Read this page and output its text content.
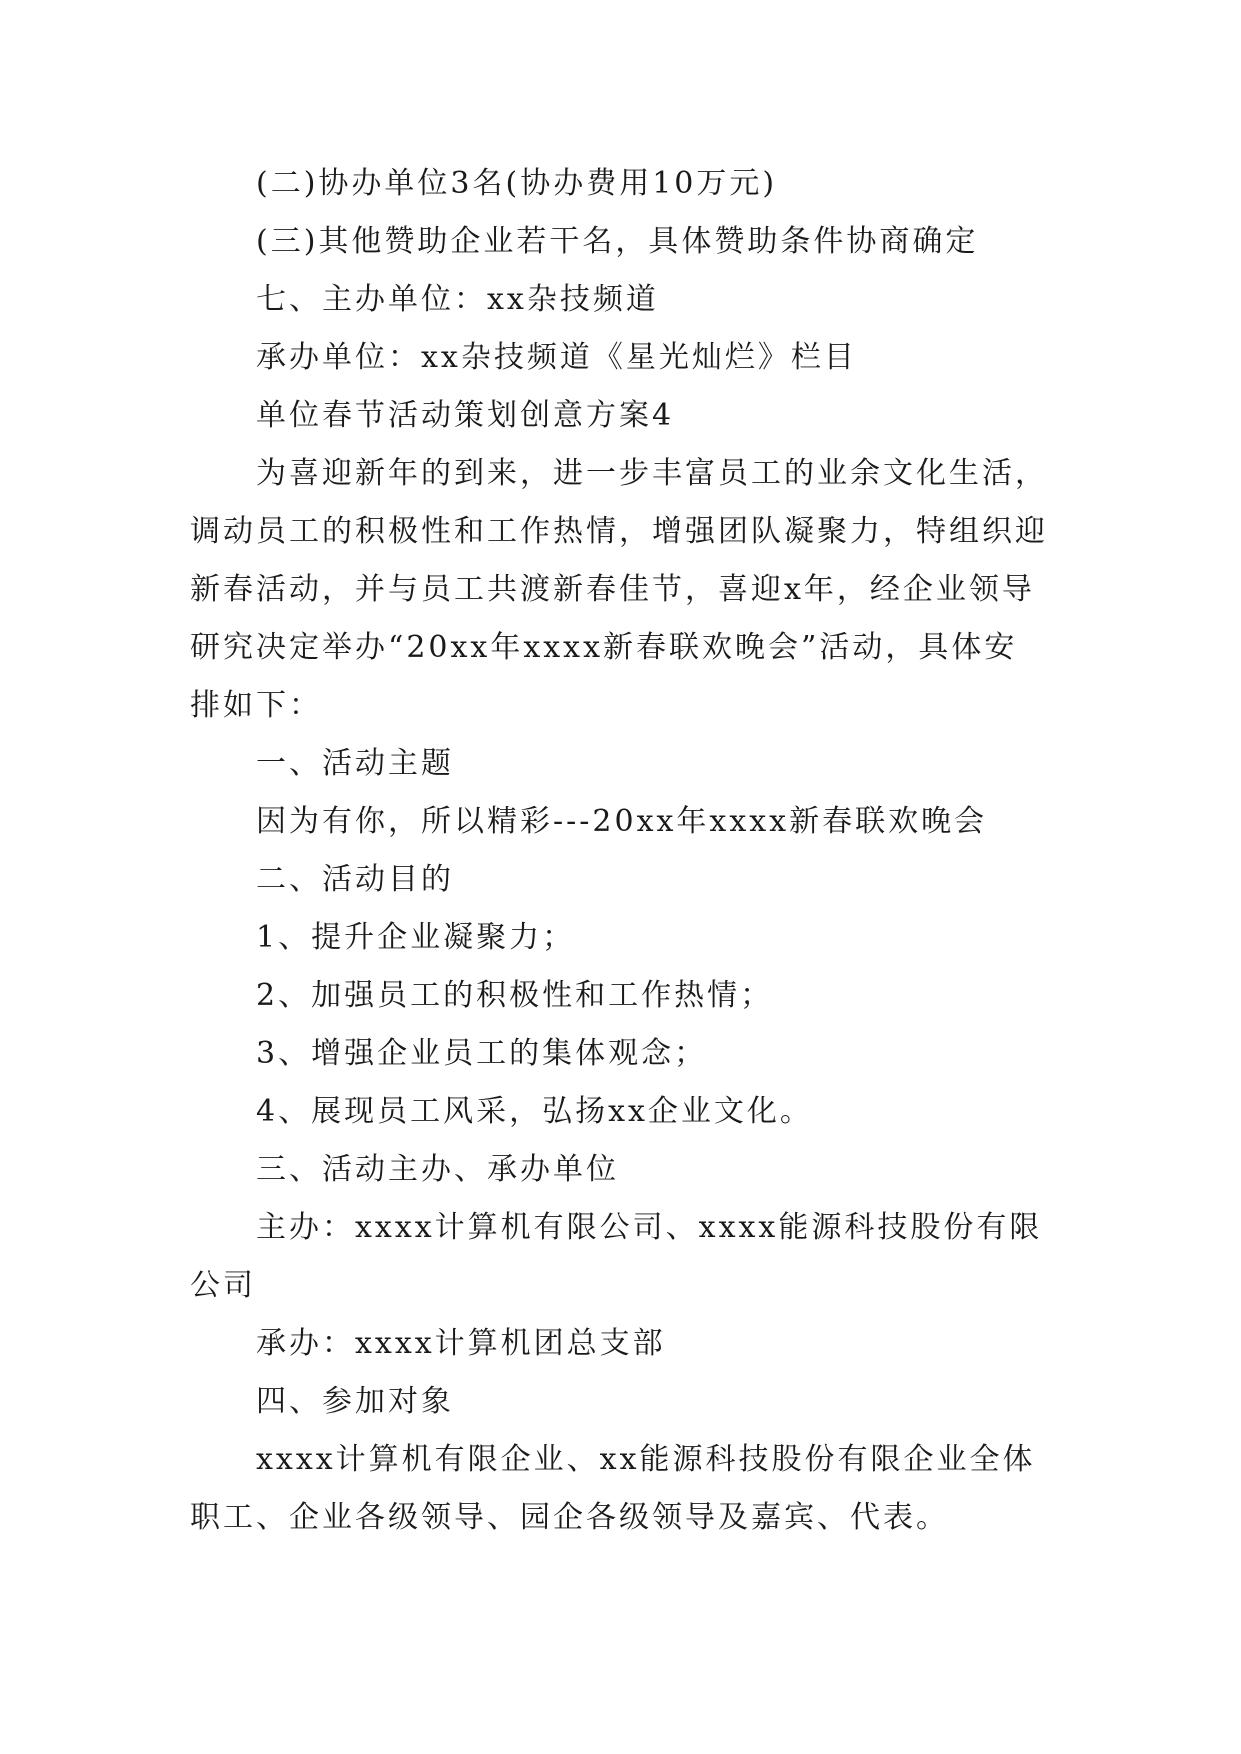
(二)协办单位3名(协办费用10万元)
(三)其他赞助企业若干名，具体赞助条件协商确定
七、主办单位：xx杂技频道
承办单位：xx杂技频道《星光灿烂》栏目
单位春节活动策划创意方案4
为喜迎新年的到来，进一步丰富员工的业余文化生活，
调动员工的积极性和工作热情，增强团队凝聚力，特组织迎
新春活动，并与员工共渡新春佳节，喜迎x年，经企业领导
研究决定举办“20xx年xxxx新春联欢晚会”活动，具体安
排如下：
一、活动主题
因为有你，所以精彩---20xx年xxxx新春联欢晚会
二、活动目的
1、提升企业凝聚力；
2、加强员工的积极性和工作热情；
3、增强企业员工的集体观念；
4、展现员工风采，弘扬xx企业文化。
三、活动主办、承办单位
主办：xxxx计算机有限公司、xxxx能源科技股份有限
公司
承办：xxxx计算机团总支部
四、参加对象
xxxx计算机有限企业、xx能源科技股份有限企业全体
职工、企业各级领导、园企各级领导及嘉宾、代表。
